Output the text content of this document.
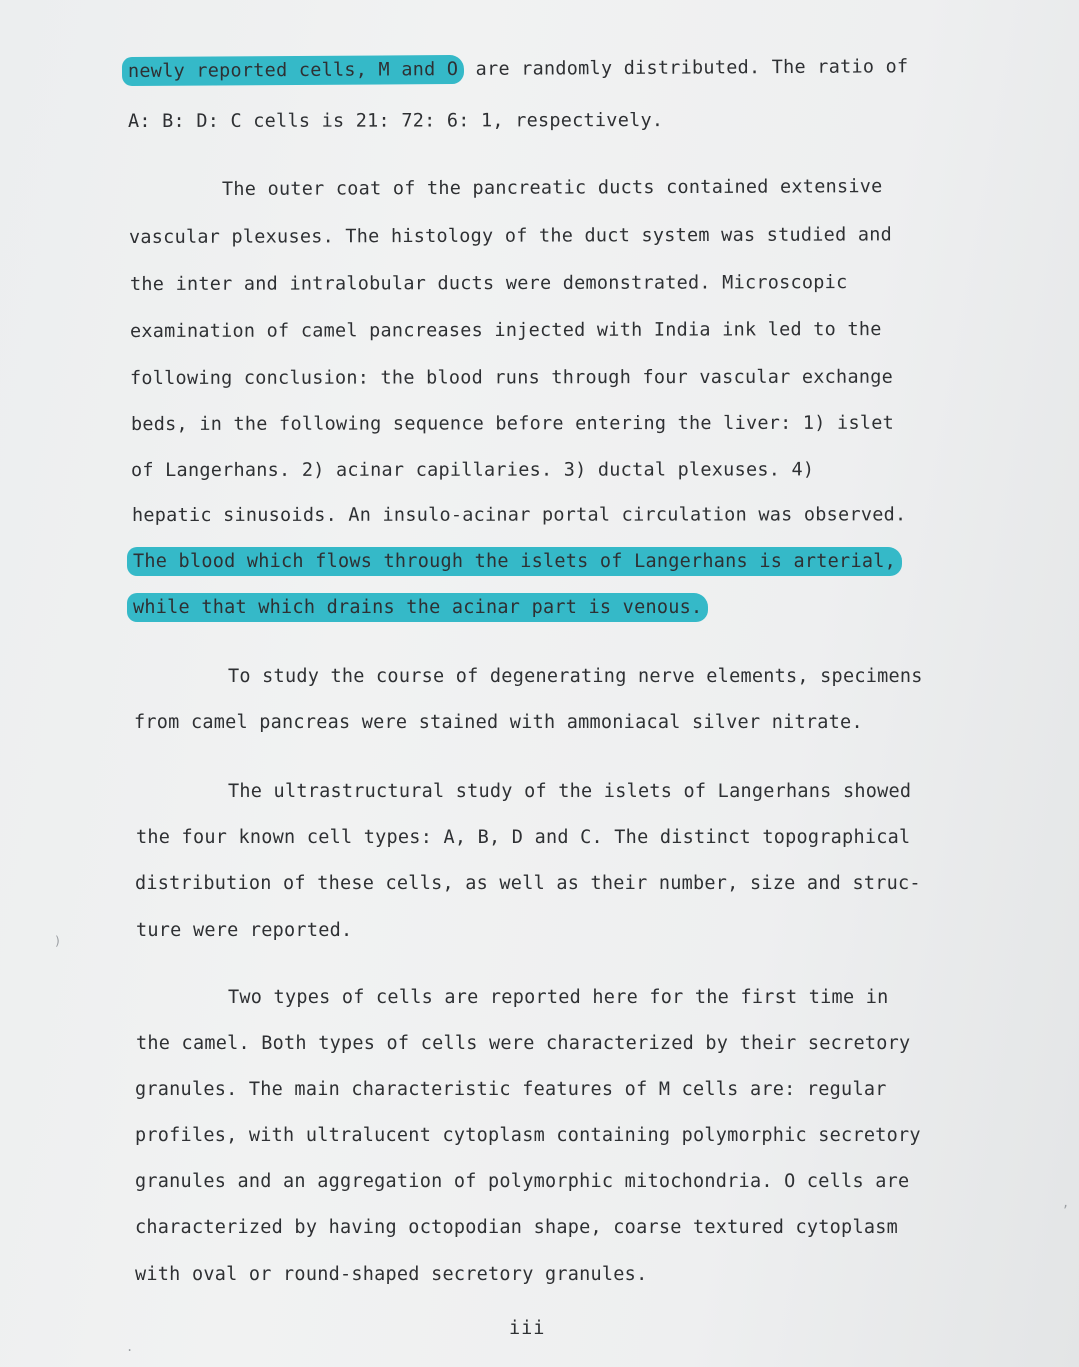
newly reported cells, M and O are randomly distributed. The ratio of
A: B: D: C cells is 21: 72: 6: 1, respectively.
The outer coat of the pancreatic ducts contained extensive
vascular plexuses. The histology of the duct system was studied and
the inter and intralobular ducts were demonstrated. Microscopic
examination of camel pancreases injected with India ink led to the
following conclusion: the blood runs through four vascular exchange
beds, in the following sequence before entering the liver: 1) islet
of Langerhans. 2) acinar capillaries. 3) ductal plexuses. 4)
hepatic sinusoids. An insulo-acinar portal circulation was observed.
The blood which flows through the islets of Langerhans is arterial,
while that which drains the acinar part is venous.
To study the course of degenerating nerve elements, specimens
from camel pancreas were stained with ammoniacal silver nitrate.
The ultrastructural study of the islets of Langerhans showed
the four known cell types: A, B, D and C. The distinct topographical
distribution of these cells, as well as their number, size and struc-
ture were reported.
Two types of cells are reported here for the first time in
the camel. Both types of cells were characterized by their secretory
granules. The main characteristic features of M cells are: regular
profiles, with ultralucent cytoplasm containing polymorphic secretory
granules and an aggregation of polymorphic mitochondria. O cells are
characterized by having octopodian shape, coarse textured cytoplasm
with oval or round-shaped secretory granules.
iii
)
,
.
